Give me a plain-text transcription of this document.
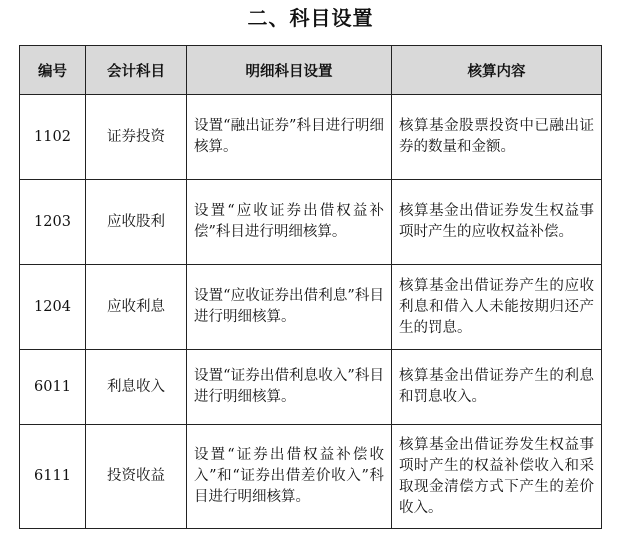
二、科目设置
编号	会计科目	明细科目设置	核算内容
1102	证券投资	设置“融出证券”科目进行明细核算。	核算基金股票投资中已融出证券的数量和金额。
1203	应收股利	设置“应收证券出借权益补偿”科目进行明细核算。	核算基金出借证券发生权益事项时产生的应收权益补偿。
1204	应收利息	设置“应收证券出借利息”科目进行明细核算。	核算基金出借证券产生的应收利息和借入人未能按期归还产生的罚息。
6011	利息收入	设置“证券出借利息收入”科目进行明细核算。	核算基金出借证券产生的利息和罚息收入。
6111	投资收益	设置“证券出借权益补偿收入”和“证券出借差价收入”科目进行明细核算。	核算基金出借证券发生权益事项时产生的权益补偿收入和采取现金清偿方式下产生的差价收入。
